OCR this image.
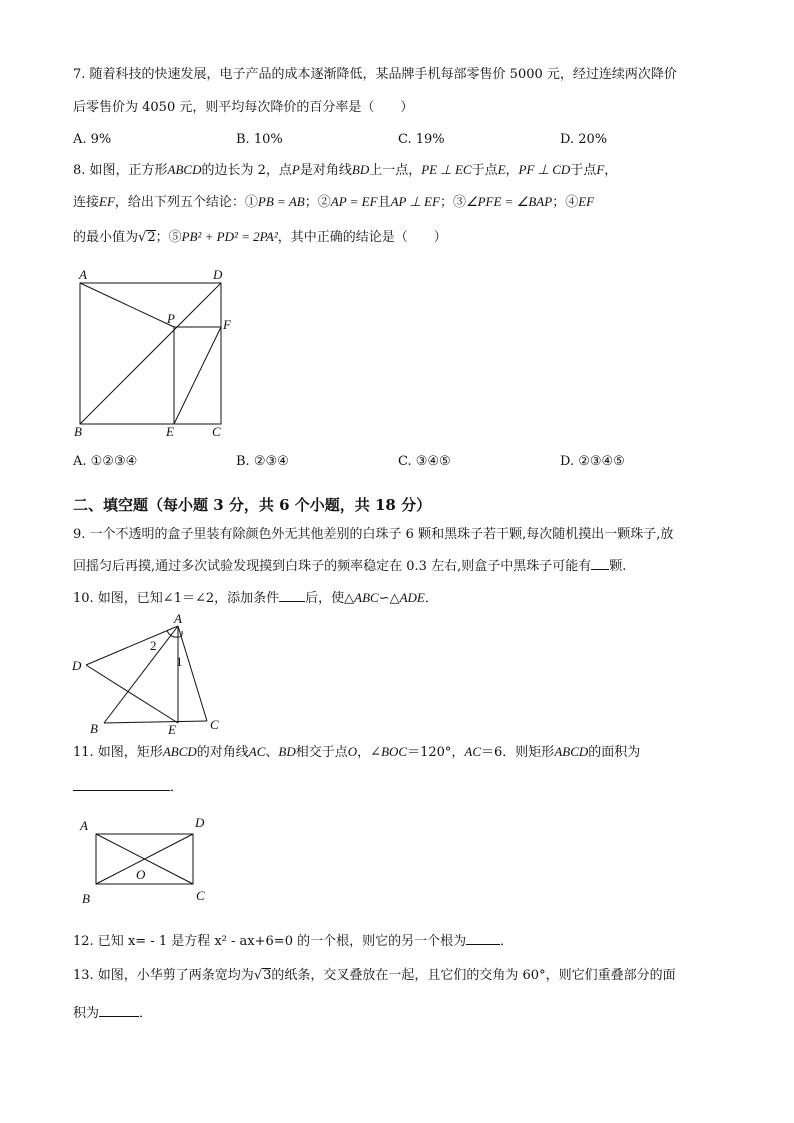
7. 随着科技的快速发展，电子产品的成本逐渐降低，某品牌手机每部零售价 5000 元，经过连续两次降价
后零售价为 4050 元，则平均每次降价的百分率是（　　）
A. 9%	B. 10%	C. 19%	D. 20%
8. 如图，正方形ABCD的边长为 2，点P是对角线BD上一点，PE ⊥ EC于点E，PF ⊥ CD于点F，
连接EF，给出下列五个结论：①PB = AB；②AP = EF且AP ⊥ EF；③∠PFE = ∠BAP；④EF
的最小值为√2；⑤PB² + PD² = 2PA²，其中正确的结论是（　　）
A	D
P	F
B	E	C
A. ①②③④	B. ②③④	C. ③④⑤	D. ②③④⑤
二、填空题（每小题 3 分，共 6 个小题，共 18 分）
9. 一个不透明的盒子里装有除颜色外无其他差别的白珠子 6 颗和黑珠子若干颗,每次随机摸出一颗珠子,放
回摇匀后再摸,通过多次试验发现摸到白珠子的频率稳定在 0.3 左右,则盒子中黑珠子可能有 颗.
10. 如图，已知∠1＝∠2，添加条件 后，使△ABC∽△ADE．
A
D
B	E	C
1
2
11. 如图，矩形ABCD的对角线AC、BD相交于点O，∠BOC＝120°，AC＝6．则矩形ABCD的面积为
．
A	D
O
B	C
12. 已知 x= - 1 是方程 x² - ax+6=0 的一个根，则它的另一个根为	．
13. 如图，小华剪了两条宽均为√3的纸条，交叉叠放在一起，且它们的交角为 60°，则它们重叠部分的面
积为	．
